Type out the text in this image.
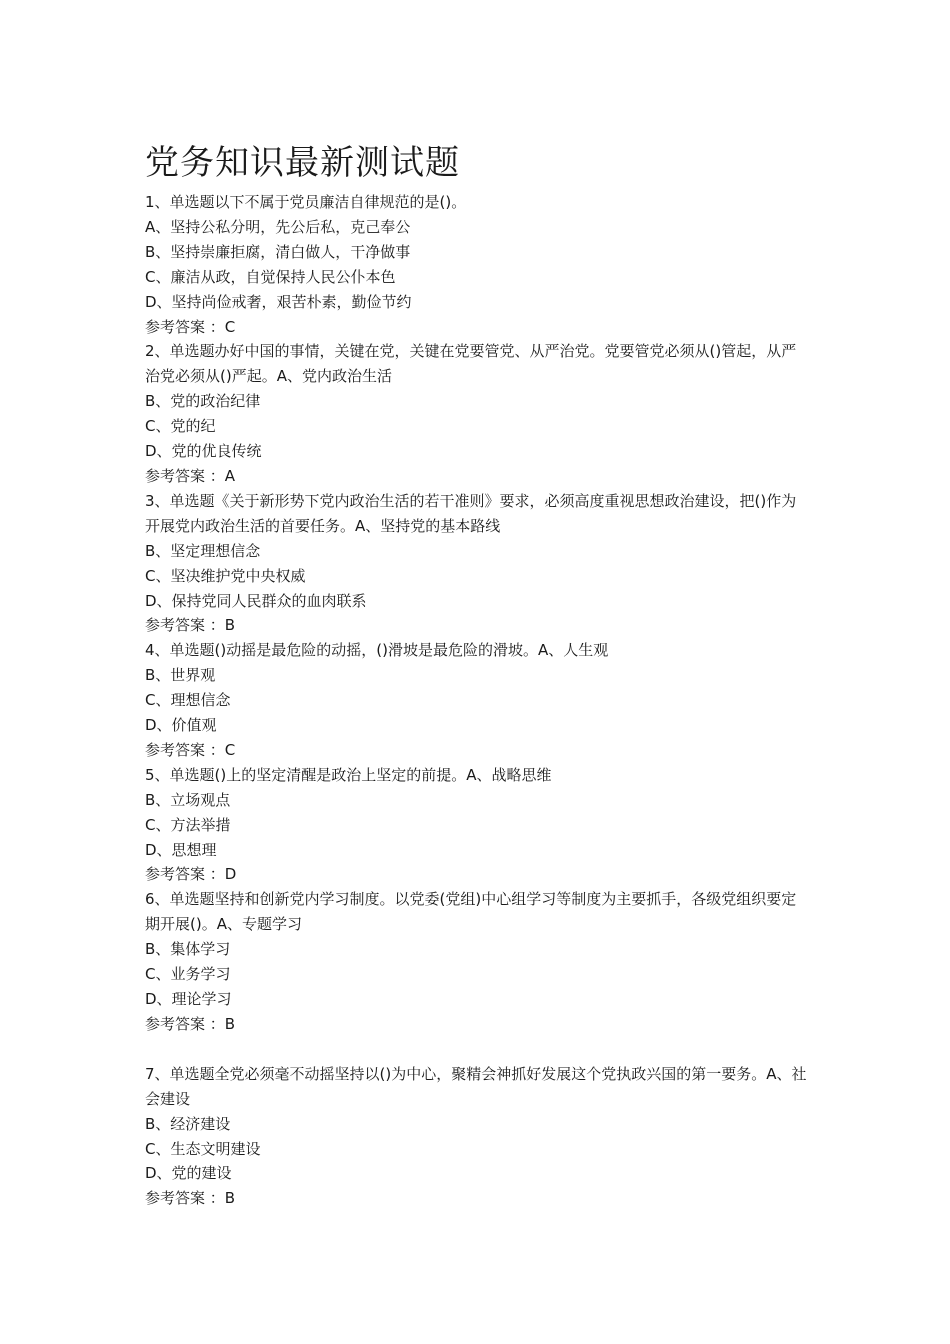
党务知识最新测试题
1、单选题以下不属于党员廉洁自律规范的是()。
A、坚持公私分明，先公后私，克己奉公
B、坚持崇廉拒腐，清白做人，干净做事
C、廉洁从政，自觉保持人民公仆本色
D、坚持尚俭戒奢，艰苦朴素，勤俭节约
参考答案 ：C
2、单选题办好中国的事情，关键在党，关键在党要管党、从严治党。党要管党必须从()管起，从严治党必须从()严起。A、党内政治生活
B、党的政治纪律
C、党的纪
D、党的优良传统
参考答案 ：A
3、单选题《关于新形势下党内政治生活的若干准则》要求，必须高度重视思想政治建设，把()作为开展党内政治生活的首要任务。A、坚持党的基本路线
B、坚定理想信念
C、坚决维护党中央权威
D、保持党同人民群众的血肉联系
参考答案 ：B
4、单选题()动摇是最危险的动摇，()滑坡是最危险的滑坡。A、人生观
B、世界观
C、理想信念
D、价值观
参考答案 ：C
5、单选题()上的坚定清醒是政治上坚定的前提。A、战略思维
B、立场观点
C、方法举措
D、思想理
参考答案 ：D
6、单选题坚持和创新党内学习制度。以党委(党组)中心组学习等制度为主要抓手，各级党组织要定期开展()。A、专题学习
B、集体学习
C、业务学习
D、理论学习
参考答案 ：B
7、单选题全党必须毫不动摇坚持以()为中心，聚精会神抓好发展这个党执政兴国的第一要务。A、社会建设
B、经济建设
C、生态文明建设
D、党的建设
参考答案 ：B
